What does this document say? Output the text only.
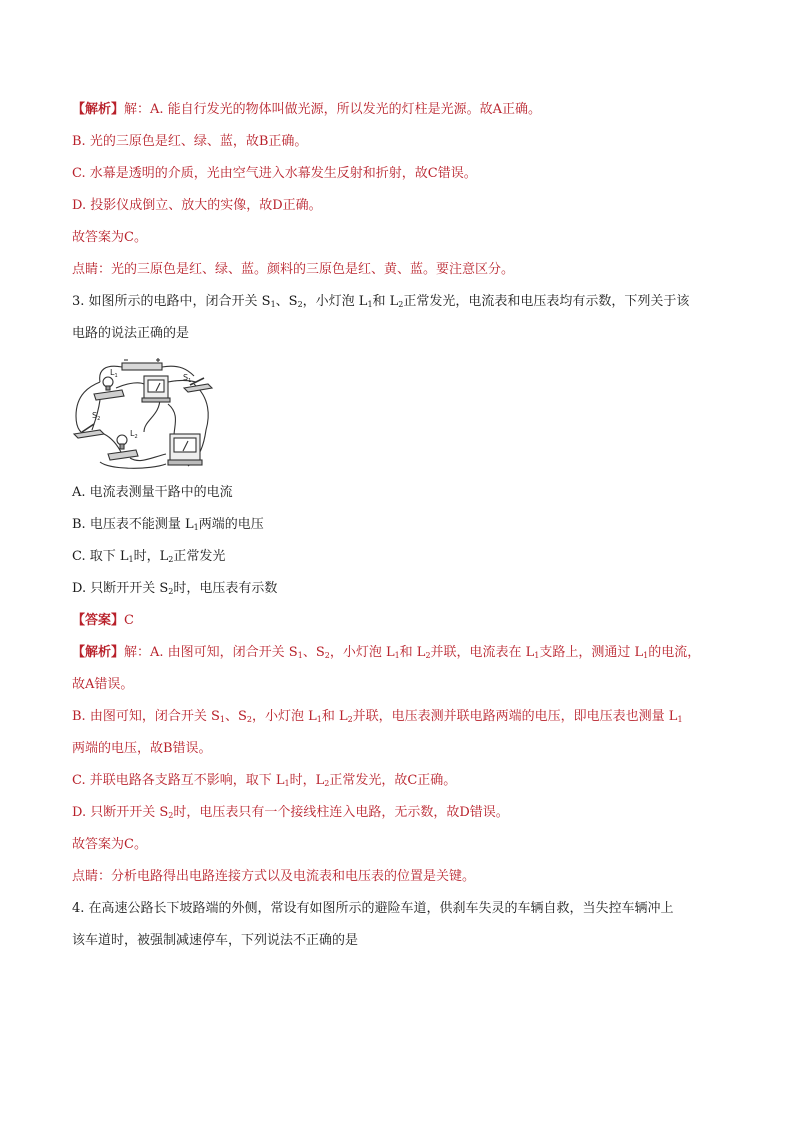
【解析】解：A. 能自行发光的物体叫做光源，所以发光的灯柱是光源。故A正确。
B. 光的三原色是红、绿、蓝，故B正确。
C. 水幕是透明的介质，光由空气进入水幕发生反射和折射，故C错误。
D. 投影仪成倒立、放大的实像，故D正确。
故答案为C。
点睛：光的三原色是红、绿、蓝。颜料的三原色是红、黄、蓝。要注意区分。
3. 如图所示的电路中，闭合开关 $S_1$、$S_2$，小灯泡 $L_1$和 $L_2$正常发光，电流表和电压表均有示数，下列关于该
电路的说法正确的是
$S_1$
$L_1$
$S_2$
$L_2$
A. 电流表测量干路中的电流
B. 电压表不能测量 $L_1$两端的电压
C. 取下 $L_1$时，$L_2$正常发光
D. 只断开开关 $S_2$时，电压表有示数
【答案】C
【解析】解：A. 由图可知，闭合开关 $S_1$、$S_2$，小灯泡 $L_1$和 $L_2$并联，电流表在 $L_1$支路上，测通过 $L_1$的电流，
故A错误。
B. 由图可知，闭合开关 $S_1$、$S_2$，小灯泡 $L_1$和 $L_2$并联，电压表测并联电路两端的电压，即电压表也测量 $L_1$
两端的电压，故B错误。
C. 并联电路各支路互不影响，取下 $L_1$时，$L_2$正常发光，故C正确。
D. 只断开开关 $S_2$时，电压表只有一个接线柱连入电路，无示数，故D错误。
故答案为C。
点睛：分析电路得出电路连接方式以及电流表和电压表的位置是关键。
4. 在高速公路长下坡路端的外侧，常设有如图所示的避险车道，供刹车失灵的车辆自救，当失控车辆冲上
该车道时，被强制减速停车，下列说法不正确的是
